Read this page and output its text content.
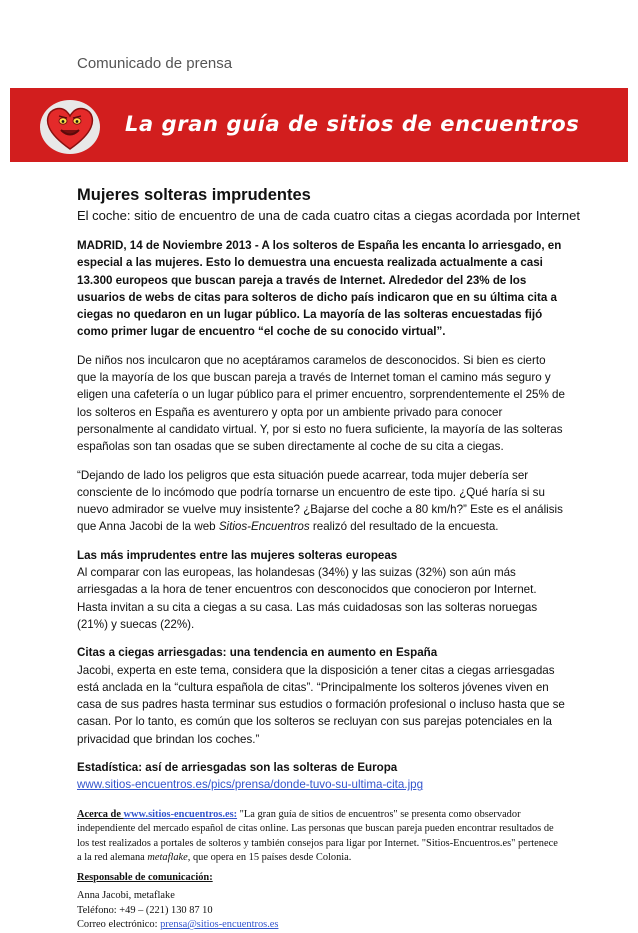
Comunicado de prensa
La gran guía de sitios de encuentros
Mujeres solteras imprudentes
El coche: sitio de encuentro de una de cada cuatro citas a ciegas acordada por Internet

MADRID, 14 de Noviembre 2013 - A los solteros de España les encanta lo arriesgado, en especial a las mujeres. Esto lo demuestra una encuesta realizada actualmente a casi 13.300 europeos que buscan pareja a través de Internet. Alrededor del 23% de los usuarios de webs de citas para solteros de dicho país indicaron que en su última cita a ciegas no quedaron en un lugar público. La mayoría de las solteras encuestadas fijó como primer lugar de encuentro “el coche de su conocido virtual”.

De niños nos inculcaron que no aceptáramos caramelos de desconocidos. Si bien es cierto que la mayoría de los que buscan pareja a través de Internet toman el camino más seguro y eligen una cafetería o un lugar público para el primer encuentro, sorprendentemente el 25% de los solteros en España es aventurero y opta por un ambiente privado para conocer personalmente al candidato virtual. Y, por si esto no fuera suficiente, la mayoría de las solteras españolas son tan osadas que se suben directamente al coche de su cita a ciegas.

“Dejando de lado los peligros que esta situación puede acarrear, toda mujer debería ser consciente de lo incómodo que podría tornarse un encuentro de este tipo. ¿Qué haría si su nuevo admirador se vuelve muy insistente? ¿Bajarse del coche a 80 km/h?” Este es el análisis que Anna Jacobi de la web Sitios-Encuentros realizó del resultado de la encuesta.

Las más imprudentes entre las mujeres solteras europeas
Al comparar con las europeas, las holandesas (34%) y las suizas (32%) son aún más arriesgadas a la hora de tener encuentros con desconocidos que conocieron por Internet. Hasta invitan a su cita a ciegas a su casa. Las más cuidadosas son las solteras noruegas (21%) y suecas (22%).

Citas a ciegas arriesgadas: una tendencia en aumento en España
Jacobi, experta en este tema, considera que la disposición a tener citas a ciegas arriesgadas está anclada en la “cultura española de citas”. “Principalmente los solteros jóvenes viven en casa de sus padres hasta terminar sus estudios o formación profesional o incluso hasta que se casan. Por lo tanto, es común que los solteros se recluyan con sus parejas potenciales en la privacidad que brindan los coches.”

Estadística: así de arriesgadas son las solteras de Europa
www.sitios-encuentros.es/pics/prensa/donde-tuvo-su-ultima-cita.jpg

Acerca de www.sitios-encuentros.es: "La gran guía de sitios de encuentros" se presenta como observador independiente del mercado español de citas online. Las personas que buscan pareja pueden encontrar resultados de los test realizados a portales de solteros y también consejos para ligar por Internet. "Sitios-Encuentros.es" pertenece a la red alemana metaflake, que opera en 15 países desde Colonia.

Responsable de comunicación:

Anna Jacobi, metaflake
Teléfono: +49 – (221) 130 87 10
Correo electrónico: prensa@sitios-encuentros.es
